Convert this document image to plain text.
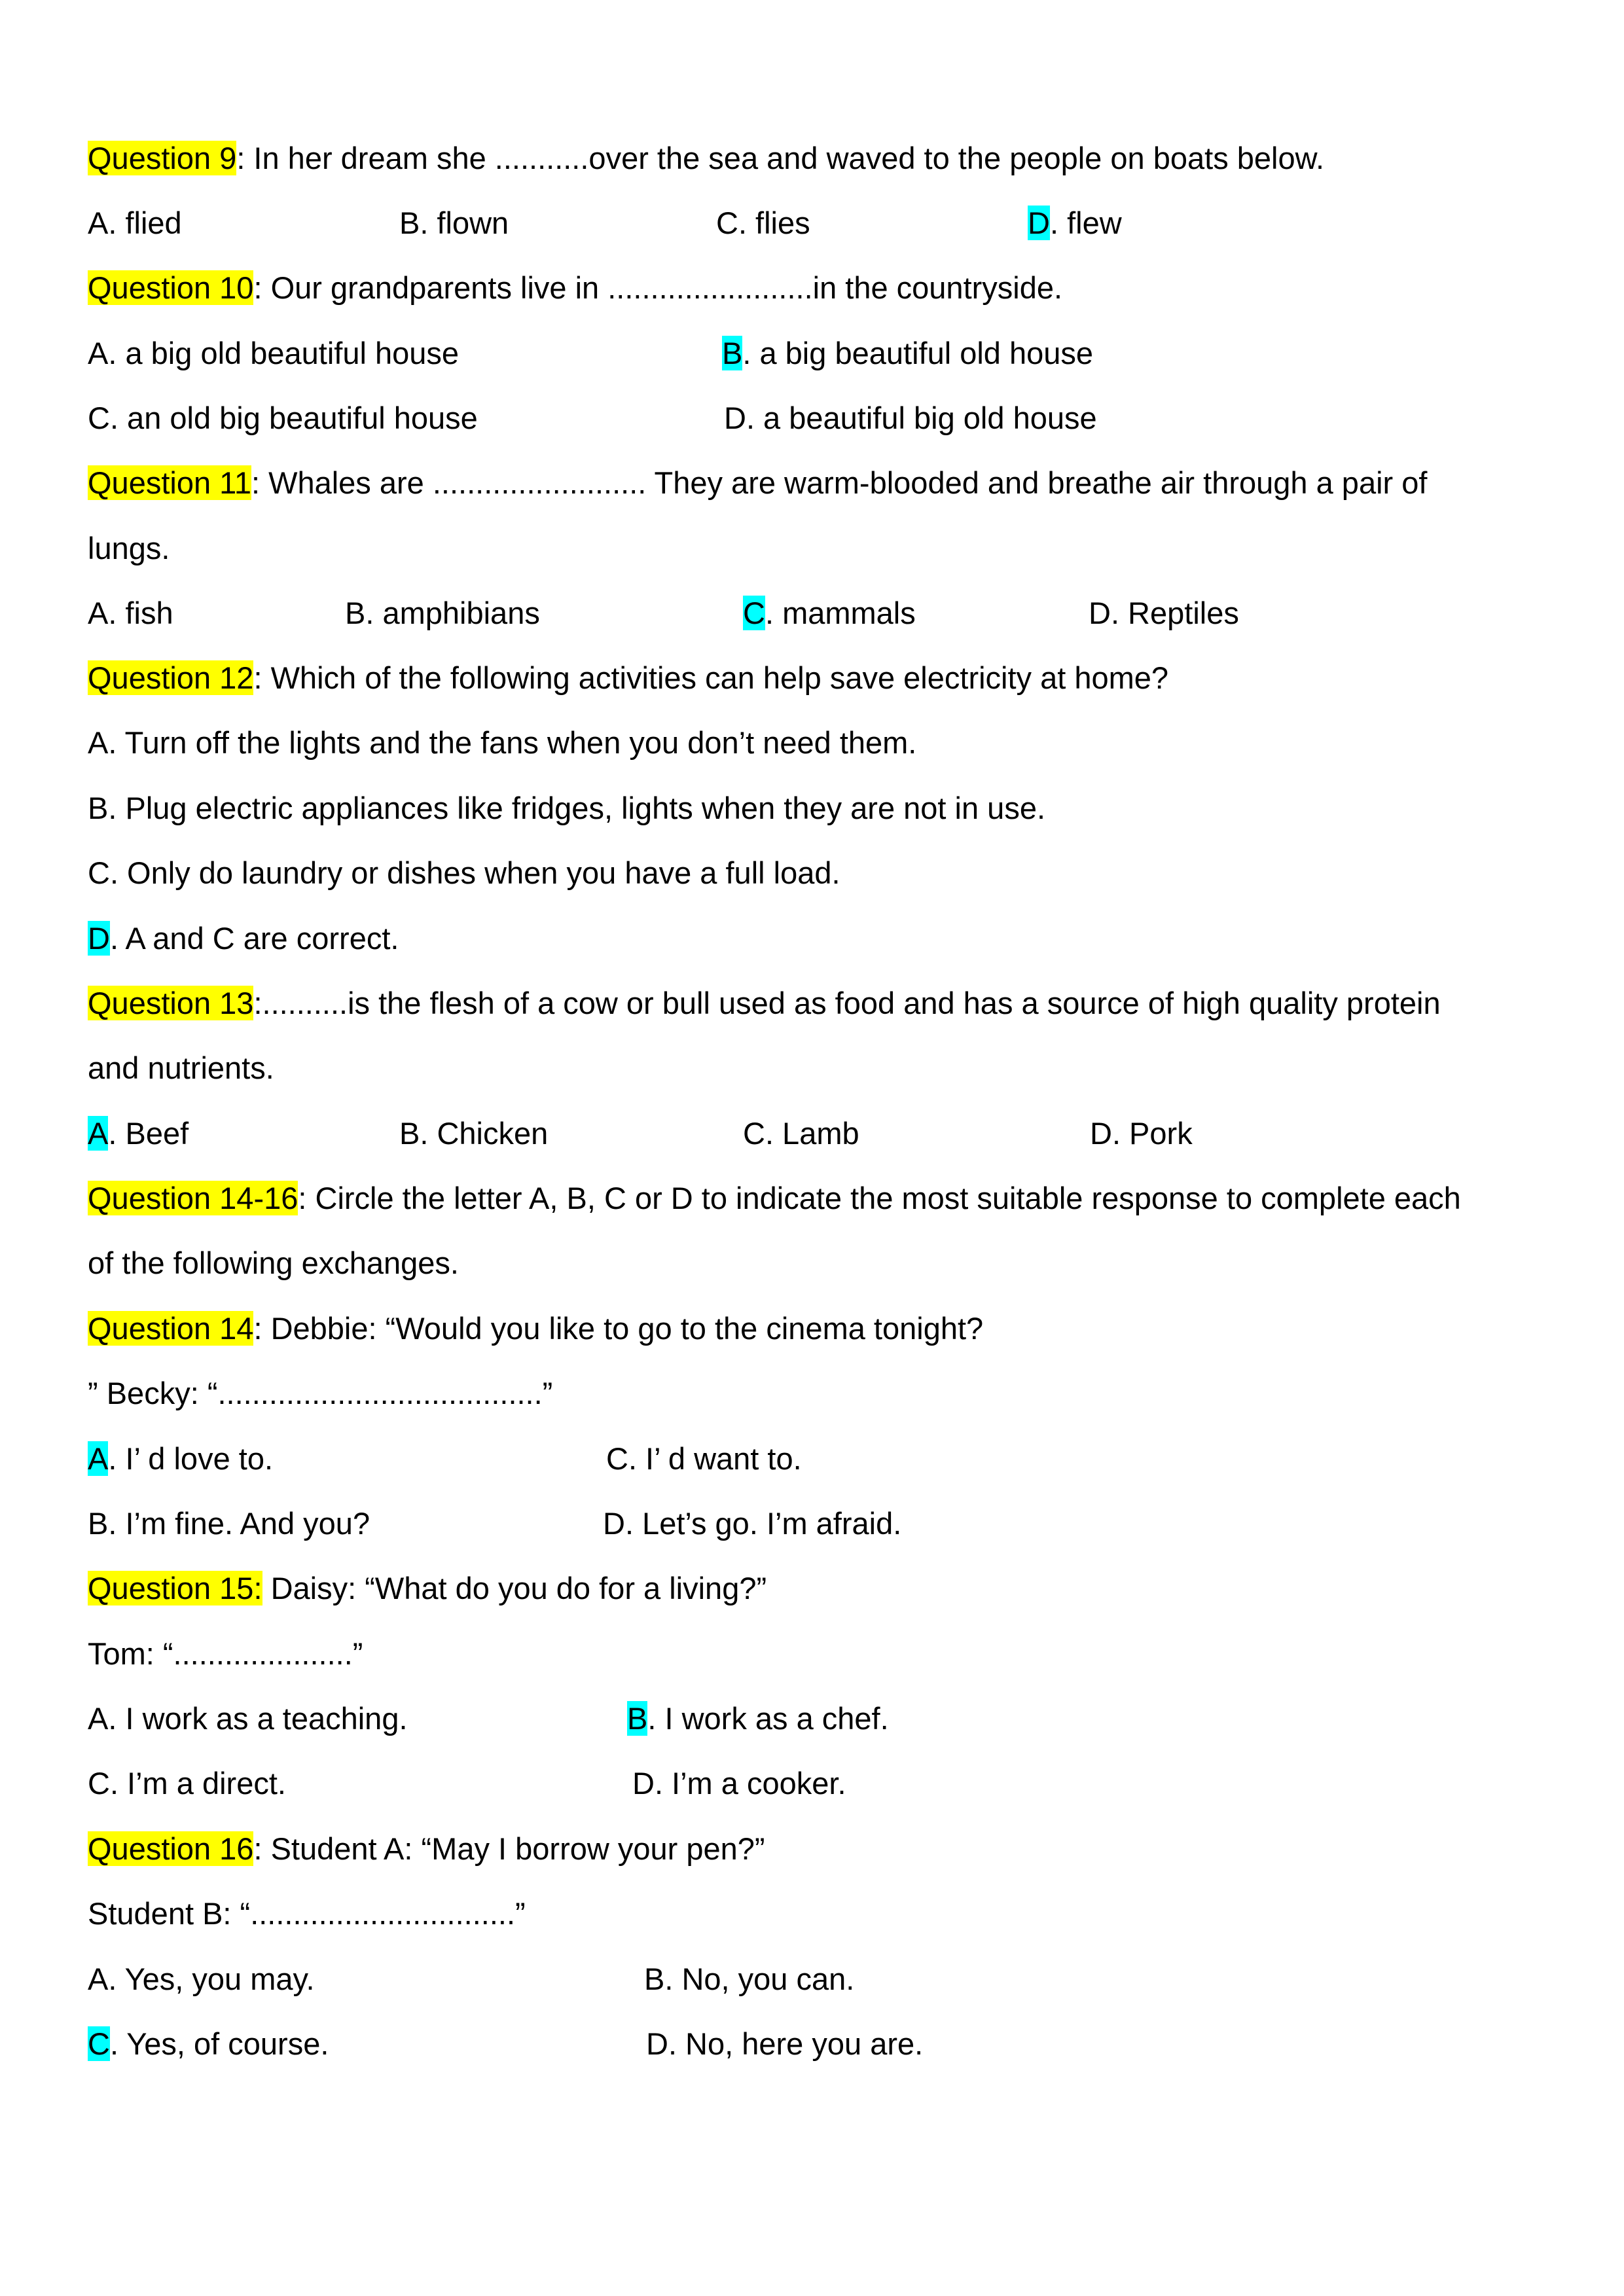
Question 9: In her dream she ...........over the sea and waved to the people on boats below.
A. flied	B. flown	C. flies	D. flew
Question 10: Our grandparents live in ........................in the countryside.
A. a big old beautiful house	B. a big beautiful old house
C. an old big beautiful house	D. a beautiful big old house
Question 11: Whales are ......................... They are warm-blooded and breathe air through a pair of
lungs.
A. fish	B. amphibians	C. mammals	D. Reptiles
Question 12: Which of the following activities can help save electricity at home?
A. Turn off the lights and the fans when you don’t need them.
B. Plug electric appliances like fridges, lights when they are not in use.
C. Only do laundry or dishes when you have a full load.
D. A and C are correct.
Question 13:..........is the flesh of a cow or bull used as food and has a source of high quality protein
and nutrients.
A. Beef	B. Chicken	C. Lamb	D. Pork
Question 14-16: Circle the letter A, B, C or D to indicate the most suitable response to complete each
of the following exchanges.
Question 14: Debbie: “Would you like to go to the cinema tonight?
” Becky: “......................................”
A. I’ d love to.	C. I’ d want to.
B. I’m fine. And you?	D. Let’s go. I’m afraid.
Question 15: Daisy: “What do you do for a living?”
Tom: “.....................”
A. I work as a teaching.	B. I work as a chef.
C. I’m a direct.	D. I’m a cooker.
Question 16: Student A: “May I borrow your pen?”
Student B: “...............................”
A. Yes, you may.	B. No, you can.
C. Yes, of course.	D. No, here you are.
